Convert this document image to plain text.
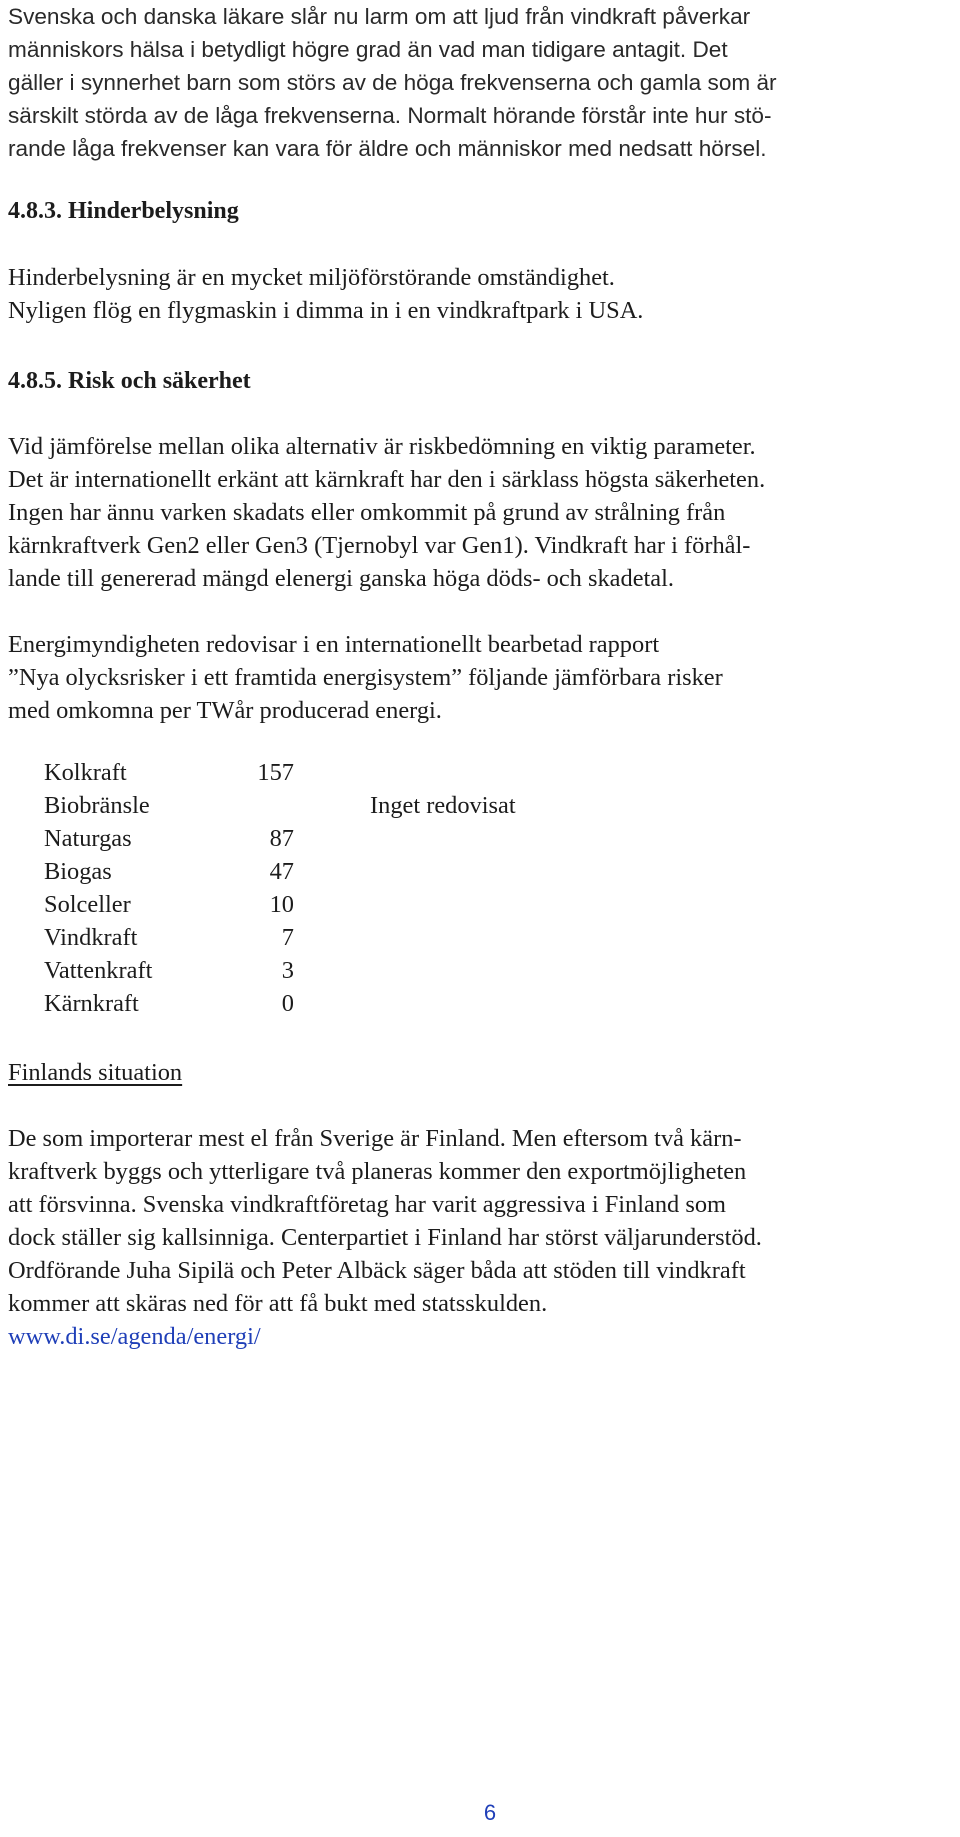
Svenska och danska läkare slår nu larm om att ljud från vindkraft påverkar

människors hälsa i betydligt högre grad än vad man tidigare antagit. Det

gäller i synnerhet barn som störs av de höga frekvenserna och gamla som är

särskilt störda av de låga frekvenserna. Normalt hörande förstår inte hur stö-

rande låga frekvenser kan vara för äldre och människor med nedsatt hörsel.

4.8.3. Hinderbelysning

Hinderbelysning är en mycket miljöförstörande omständighet.

Nyligen flög en flygmaskin i dimma in i en vindkraftpark i USA.

4.8.5. Risk och säkerhet

Vid jämförelse mellan olika alternativ är riskbedömning en viktig parameter.

Det är internationellt erkänt att kärnkraft har den i särklass högsta säkerheten.

Ingen har ännu varken skadats eller omkommit på grund av strålning från

kärnkraftverk Gen2 eller Gen3 (Tjernobyl var Gen1). Vindkraft har i förhål-

lande till genererad mängd elenergi ganska höga döds- och skadetal.

Energimyndigheten redovisar i en internationellt bearbetad rapport

”Nya olycksrisker i ett framtida energisystem” följande jämförbara risker

med omkomna per TWår producerad energi.

Kolkraft	157
Biobränsle	Inget redovisat
Naturgas	87
Biogas	47
Solceller	10
Vindkraft	7
Vattenkraft	3
Kärnkraft	0
Finlands situation

De som importerar mest el från Sverige är Finland. Men eftersom två kärn-

kraftverk byggs och ytterligare två planeras kommer den exportmöjligheten

att försvinna. Svenska vindkraftföretag har varit aggressiva i Finland som

dock ställer sig kallsinniga. Centerpartiet i Finland har störst väljarunderstöd.

Ordförande Juha Sipilä och Peter Albäck säger båda att stöden till vindkraft

kommer att skäras ned för att få bukt med statsskulden.

www.di.se/agenda/energi/

6
